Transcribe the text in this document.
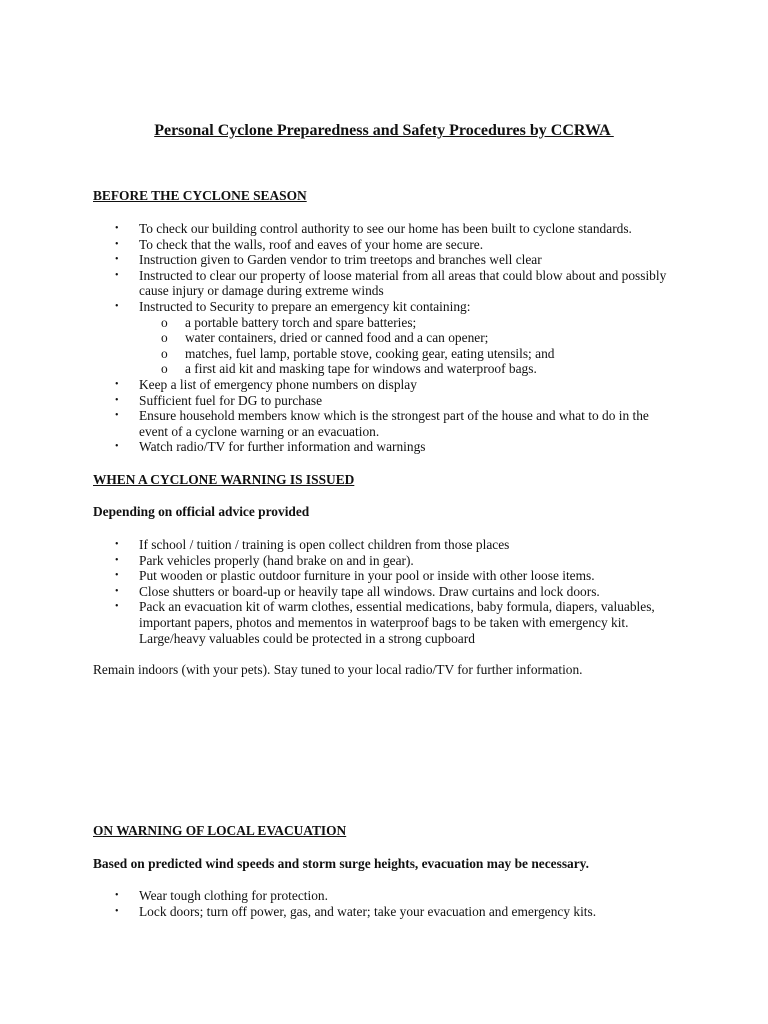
Personal Cyclone Preparedness and Safety Procedures by CCRWA
BEFORE THE CYCLONE SEASON
• To check our building control authority to see our home has been built to cyclone standards.
• To check that the walls, roof and eaves of your home are secure.
• Instruction given to Garden vendor to trim treetops and branches well clear
• Instructed to clear our property of loose material from all areas that could blow about and possibly cause injury or damage during extreme winds
• Instructed to Security to prepare an emergency kit containing:
o a portable battery torch and spare batteries;
o water containers, dried or canned food and a can opener;
o matches, fuel lamp, portable stove, cooking gear, eating utensils; and
o a first aid kit and masking tape for windows and waterproof bags.
• Keep a list of emergency phone numbers on display
• Sufficient fuel for DG to purchase
• Ensure household members know which is the strongest part of the house and what to do in the event of a cyclone warning or an evacuation.
• Watch radio/TV for further information and warnings
WHEN A CYCLONE WARNING IS ISSUED
Depending on official advice provided
• If school / tuition / training is open collect children from those places
• Park vehicles properly (hand brake on and in gear).
• Put wooden or plastic outdoor furniture in your pool or inside with other loose items.
• Close shutters or board-up or heavily tape all windows. Draw curtains and lock doors.
• Pack an evacuation kit of warm clothes, essential medications, baby formula, diapers, valuables, important papers, photos and mementos in waterproof bags to be taken with emergency kit. Large/heavy valuables could be protected in a strong cupboard
Remain indoors (with your pets). Stay tuned to your local radio/TV for further information.
ON WARNING OF LOCAL EVACUATION
Based on predicted wind speeds and storm surge heights, evacuation may be necessary.
• Wear tough clothing for protection.
• Lock doors; turn off power, gas, and water; take your evacuation and emergency kits.
